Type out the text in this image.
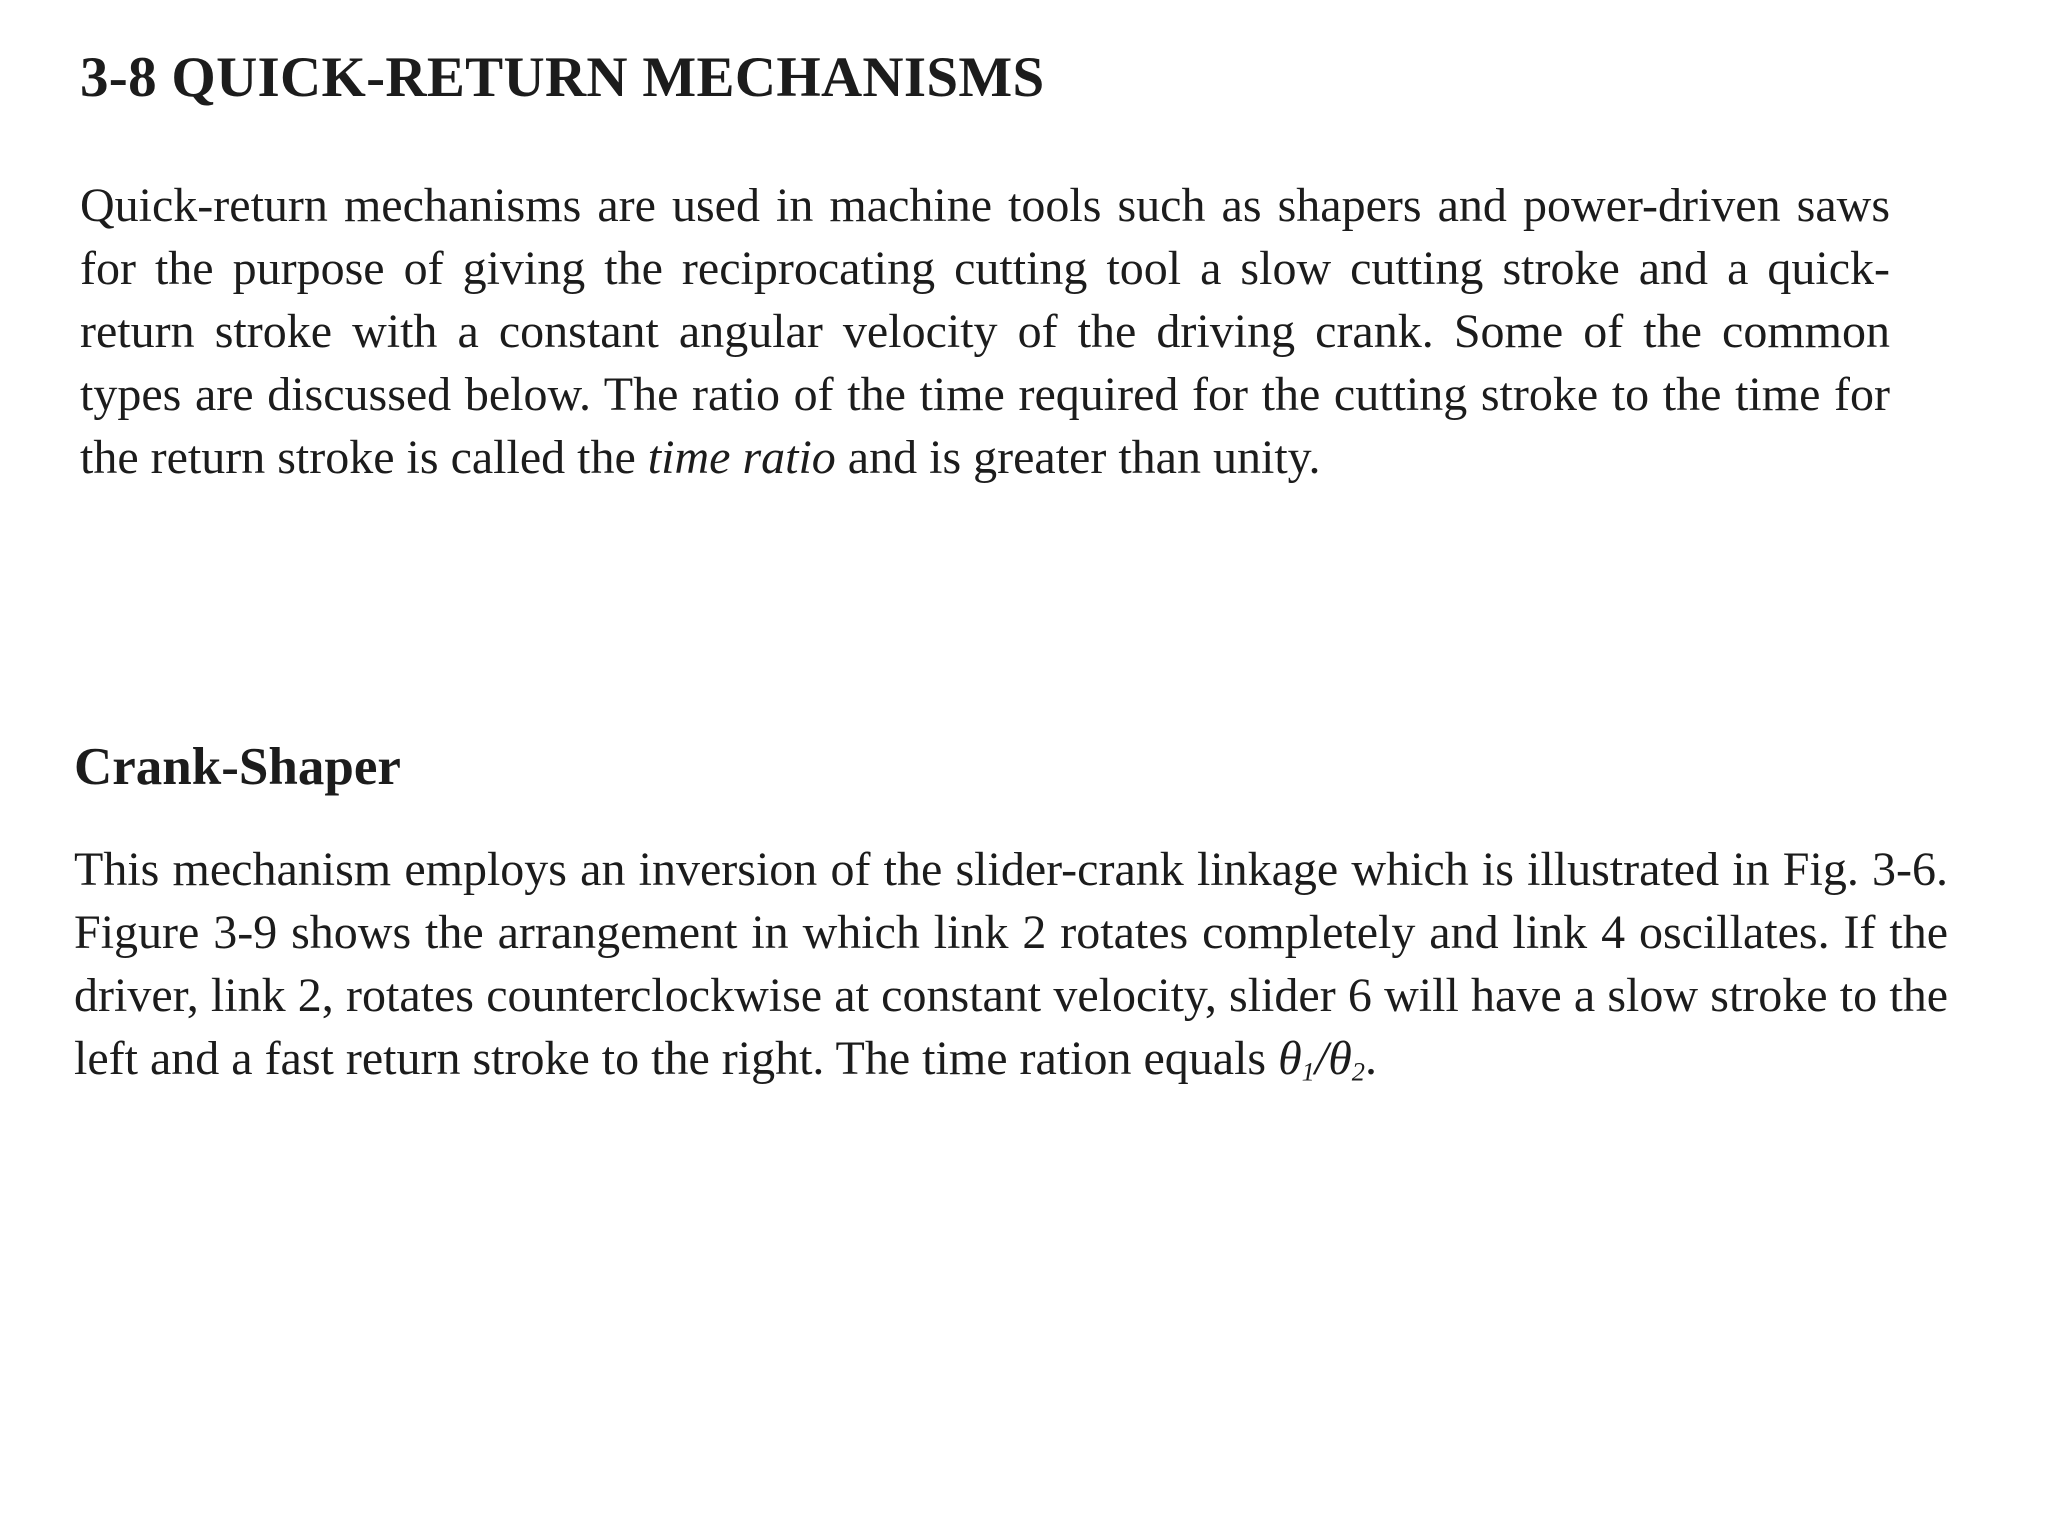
3-8 QUICK-RETURN MECHANISMS

Quick-return mechanisms are used in machine tools such as shapers and power-driven saws for the purpose of giving the reciprocating cutting tool a slow cutting stroke and a quick-return stroke with a constant angular velocity of the driving crank. Some of the common types are discussed below. The ratio of the time required for the cutting stroke to the time for the return stroke is called the time ratio and is greater than unity.

Crank-Shaper

This mechanism employs an inversion of the slider-crank linkage which is illustrated in Fig. 3-6. Figure 3-9 shows the arrangement in which link 2 rotates completely and link 4 oscillates. If the driver, link 2, rotates counterclockwise at constant velocity, slider 6 will have a slow stroke to the left and a fast return stroke to the right. The time ration equals $\theta_1/\theta_2$.
